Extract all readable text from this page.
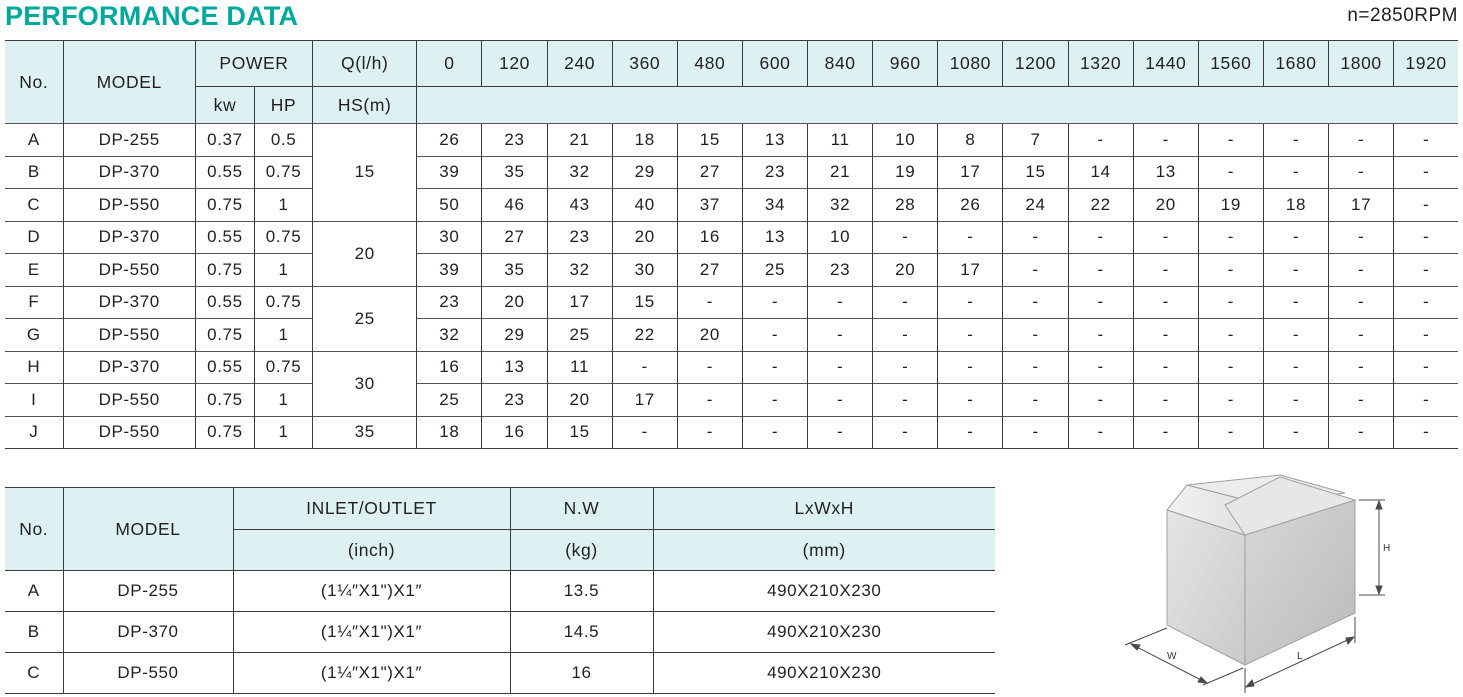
PERFORMANCE DATA	n=2850RPM
No.	MODEL	POWER		Q(l/h)	0	120	240	360	480	600	840	960	1080	1200	1320	1440	1560	1680	1800	1920
		kw	HP	HS(m)																
A	DP-255	0.37	0.5	15	26	23	21	18	15	13	11	10	8	7	-	-	-	-	-	-
B	DP-370	0.55	0.75		39	35	32	29	27	23	21	19	17	15	14	13	-	-	-	-
C	DP-550	0.75	1		50	46	43	40	37	34	32	28	26	24	22	20	19	18	17	-
D	DP-370	0.55	0.75	20	30	27	23	20	16	13	10	-	-	-	-	-	-	-	-	-
E	DP-550	0.75	1		39	35	32	30	27	25	23	20	17	-	-	-	-	-	-	-
F	DP-370	0.55	0.75	25	23	20	17	15	-	-	-	-	-	-	-	-	-	-	-	-
G	DP-550	0.75	1		32	29	25	22	20	-	-	-	-	-	-	-	-	-	-	-
H	DP-370	0.55	0.75	30	16	13	11	-	-	-	-	-	-	-	-	-	-	-	-	-
I	DP-550	0.75	1		25	23	20	17	-	-	-	-	-	-	-	-	-	-	-	-
J	DP-550	0.75	1	35	18	16	15	-	-	-	-	-	-	-	-	-	-	-	-	-
No.	MODEL	INLET/OUTLET	N.W	LxWxH
		(inch)	(kg)	(mm)
A	DP-255	(1¼″X1")X1″	13.5	490X210X230
B	DP-370	(1¼″X1")X1″	14.5	490X210X230
C	DP-550	(1¼″X1")X1″	16	490X210X230
H
W	L
